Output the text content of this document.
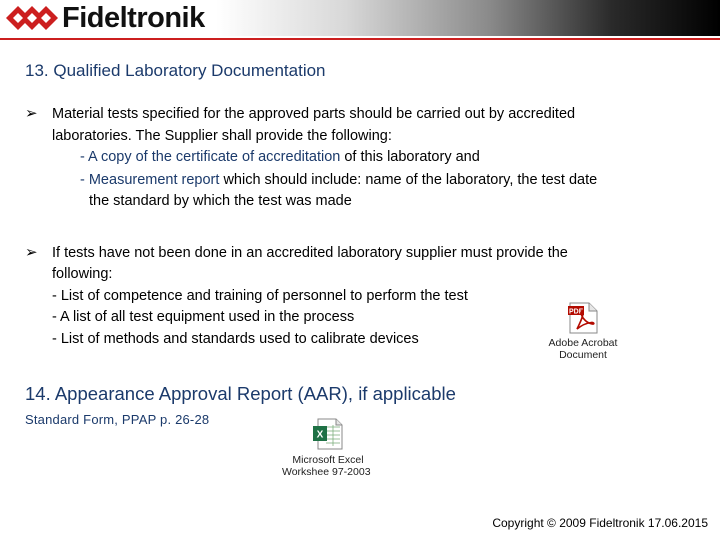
Fideltronik
13. Qualified Laboratory Documentation
➢ Material tests specified for the approved parts should be carried out by accredited
laboratories. The Supplier shall provide the following:
- A copy of the certificate of accreditation of this laboratory and
- Measurement report which should include: name of the laboratory, the test date
the standard by which the test was made
➢ If tests have not been done in an accredited laboratory supplier must provide the
following:
- List of competence and training of personnel to perform the test
- A list of all test equipment used in the process
- List of methods and standards used to calibrate devices
PDF
Adobe Acrobat
Document
14. Appearance Approval Report (AAR), if applicable
Standard Form, PPAP p. 26-28
X
Microsoft Excel
97-2003 Workshee
Copyright © 2009 Fideltronik 17.06.2015
